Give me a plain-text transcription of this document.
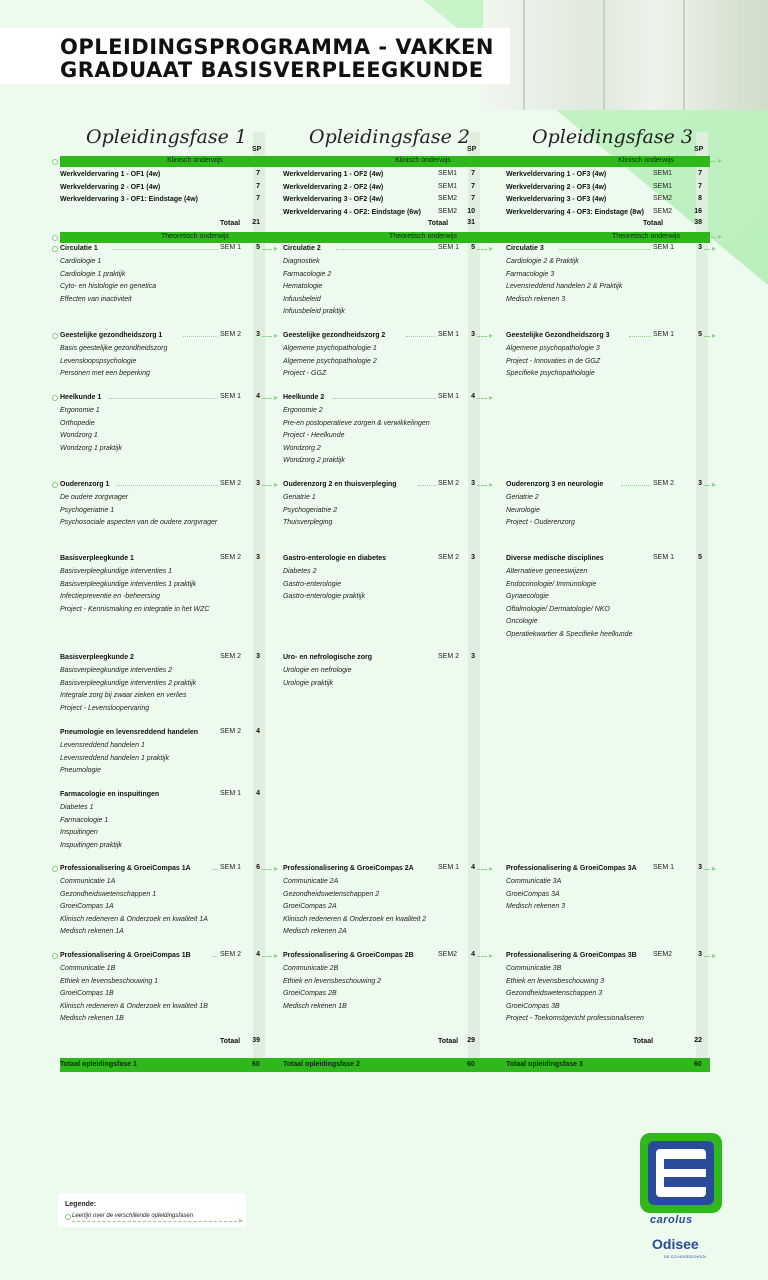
OPLEIDINGSPROGRAMMA - VAKKEN
GRADUAAT BASISVERPLEEGKUNDE
Opleidingsfase 1
SP
Opleidingsfase 2
SP
Opleidingsfase 3
SP
Klinisch onderwijs	Klinisch onderwijs	Klinisch onderwijs
Theoretisch onderwijs	Theoretisch onderwijs	Theoretisch onderwijs
▸
▸
Werkveldervaring 1 - OF1 (4w)	7
Werkveldervaring 2 - OF1 (4w)	7
Werkveldervaring 3 - OF1: Eindstage (4w)	7
Totaal	21
Circulatie 1	SEM 1	5
▸
Cardiologie 1
Cardiologie 1 praktijk
Cyto- en histologie en genetica
Effecten van inactiviteit
Geestelijke gezondheidszorg 1	SEM 2	3
▸
Basis geestelijke gezondheidszorg
Levensloopspsychologie
Personen met een beperking
Heelkunde 1	SEM 1	4
▸
Ergonomie 1
Orthopedie
Wondzorg 1
Wondzorg 1 praktijk
Ouderenzorg 1	SEM 2	3
▸
De oudere zorgvrager
Psychogeriatrie 1
Psychosociale aspecten van de oudere zorgvrager
Basisverpleegkunde 1	SEM 2	3
Basisverpleegkundige interventies 1
Basisverpleegkundige interventies 1 praktijk
Infectiepreventie en -beheersing
Project - Kennismaking en integratie in het WZC
Basisverpleegkunde 2	SEM 2	3
Basisverpleegkundige interventies 2
Basisverpleegkundige interventies 2 praktijk
Integrale zorg bij zwaar zieken en verlies
Project - Levensloopervaring
Pneumologie en levensreddend handelen	SEM 2	4
Levensreddend handelen 1
Levensreddend handelen 1 praktijk
Pneumologie
Farmacologie en inspuitingen	SEM 1	4
Diabetes 1
Farmacologie 1
Inspuitingen
Inspuitingen praktijk
Professionalisering & GroeiCompas 1A	SEM 1	6
▸
Communicatie 1A
Gezondheidswetenschappen 1
GroeiCompas 1A
Klinisch redeneren & Onderzoek en kwaliteit 1A
Medisch rekenen 1A
Professionalisering & GroeiCompas 1B	SEM 2	4
▸
Communicatie 1B
Ethiek en levensbeschouwing 1
GroeiCompas 1B
Klinisch redeneren & Onderzoek en kwaliteit 1B
Medisch rekenen 1B
Totaal	39
Werkveldervaring 1 - OF2 (4w)	SEM1	7
Werkveldervaring 2 - OF2 (4w)	SEM1	7
Werkveldervaring 3 - OF2 (4w)	SEM2	7
Werkveldervaring 4 - OF2: Eindstage (6w)	SEM2	10
Totaal	31
Circulatie 2	SEM 1	5
▸
Diagnostiek
Farmacologie 2
Hematologie
Infuusbeleid
Infuusbeleid praktijk
Geestelijke gezondheidszorg 2	SEM 1	3
▸
Algemene psychopathologie 1
Algemene psychopathologie 2
Project - GGZ
Heelkunde 2	SEM 1	4
▸
Ergonomie 2
Pre-en postoperatieve zorgen & verwikkelingen
Project - Heelkunde
Wondzorg 2
Wondzorg 2 praktijk
Ouderenzorg 2 en thuisverpleging	SEM 2	3
▸
Geriatrie 1
Psychogeriatrie 2
Thuisverpleging
Gastro-enterologie en diabetes	SEM 2	3
Diabetes 2
Gastro-enterologie
Gastro-enterologie praktijk
Uro- en nefrologische zorg	SEM 2	3
Urologie en nefrologie
Urologie praktijk
Professionalisering & GroeiCompas 2A	SEM 1	4
▸
Communicatie 2A
Gezondheidswetenschappen 2
GroeiCompas 2A
Klinisch redeneren & Onderzoek en kwaliteit 2
Medisch rekenen 2A
Professionalisering & GroeiCompas 2B	SEM2	4
▸
Communicatie 2B
Ethiek en levensbeschouwing 2
GroeiCompas 2B
Medisch rekenen 1B
Totaal	29
Werkveldervaring 1 - OF3 (4w)	SEM1	7
Werkveldervaring 2 - OF3 (4w)	SEM1	7
Werkveldervaring 3 - OF3 (4w)	SEM2	8
Werkveldervaring 4 - OF3: Eindstage (8w)	SEM2	16
Totaal	38
Circulatie 3	SEM 1	3
▸
Cardiologie 2 & Praktijk
Farmacologie 3
Levensreddend handelen 2 & Praktijk
Medisch rekenen 3
Geestelijke Gezondheidszorg 3	SEM 1	5
▸
Algemene psychopathologie 3
Project - Innovaties in de GGZ
Specifieke psychopathologie
Ouderenzorg 3 en neurologie	SEM 2	3
▸
Geriatrie 2
Neurologie
Project - Ouderenzorg
Diverse medische disciplines	SEM 1	5
Alternatieve geneeswijzen
Endocrinologie/ Immunologie
Gynaecologie
Oftalmologie/ Dermatologie/ NKO
Oncologie
Operatiekwartier & Specifieke heelkunde
Professionalisering & GroeiCompas 3A	SEM 1	3
▸
Communicatie 3A
GroeiCompas 3A
Medisch rekenen 3
Professionalisering & GroeiCompas 3B	SEM2	3
▸
Communicatie 3B
Ethiek en levensbeschouwing 3
Gezondheidswetenschappen 3
GroeiCompas 3B
Project - Toekomstgericht professionaliseren
Totaal	22
Totaal opleidingsfase 1	60	Totaal opleidingsfase 2	60	Totaal opleidingsfase 3	60
Legende:
Leerlijn over de verschillende opleidingsfasen ▸	carolus
Odisee
DE CO-HOGESCHOOL
